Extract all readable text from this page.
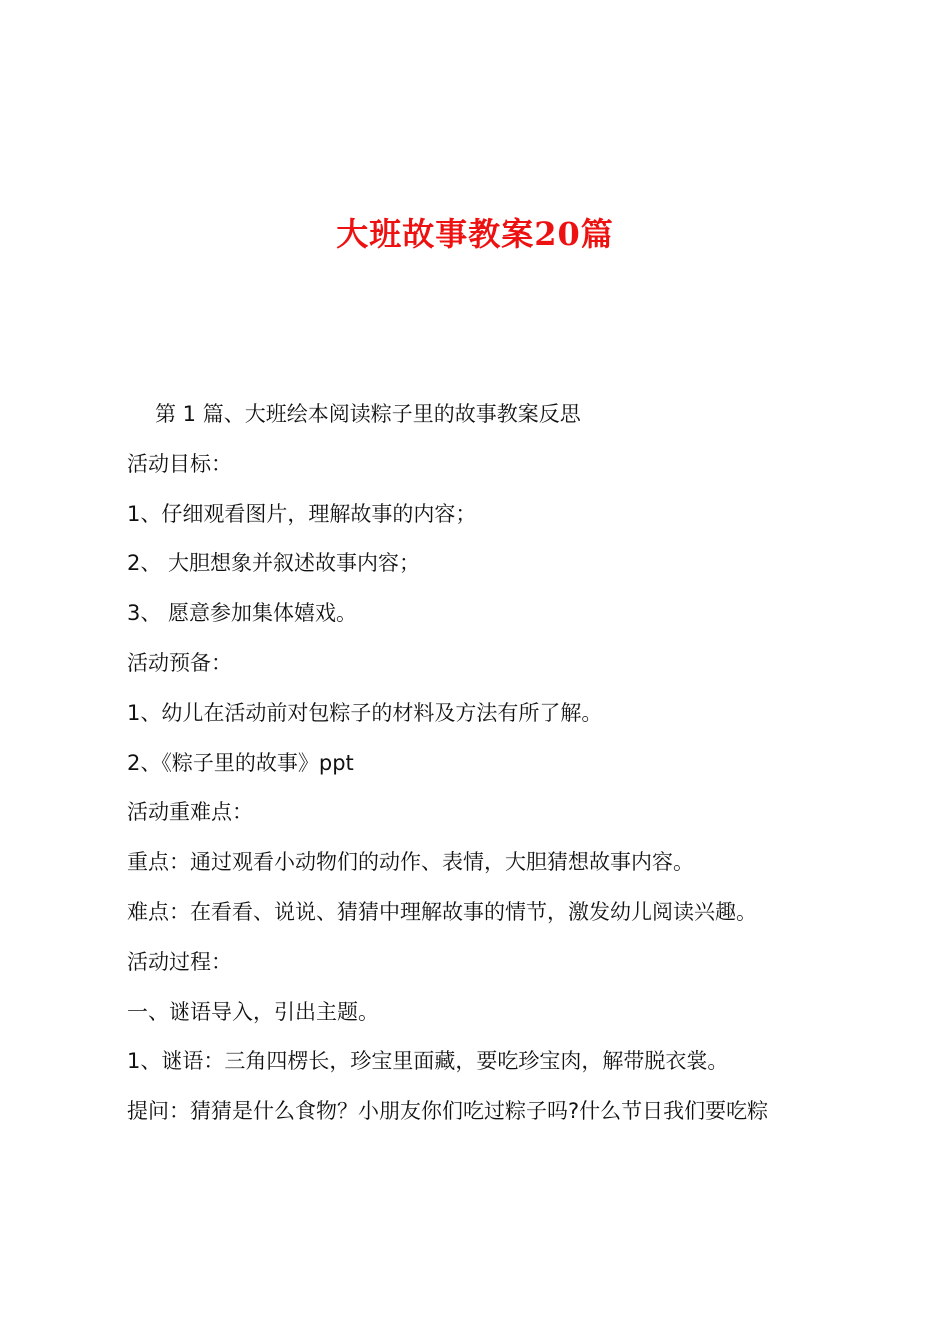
大班故事教案20篇
第 1 篇、大班绘本阅读粽子里的故事教案反思
活动目标：
1、仔细观看图片，理解故事的内容；
2、 大胆想象并叙述故事内容；
3、 愿意参加集体嬉戏。
活动预备：
1、幼儿在活动前对包粽子的材料及方法有所了解。
2、《粽子里的故事》ppt
活动重难点：
重点：通过观看小动物们的动作、表情，大胆猜想故事内容。
难点：在看看、说说、猜猜中理解故事的情节，激发幼儿阅读兴趣。
活动过程：
一、谜语导入，引出主题。
1、谜语：三角四楞长，珍宝里面藏，要吃珍宝肉，解带脱衣裳。
提问：猜猜是什么食物？小朋友你们吃过粽子吗?什么节日我们要吃粽
